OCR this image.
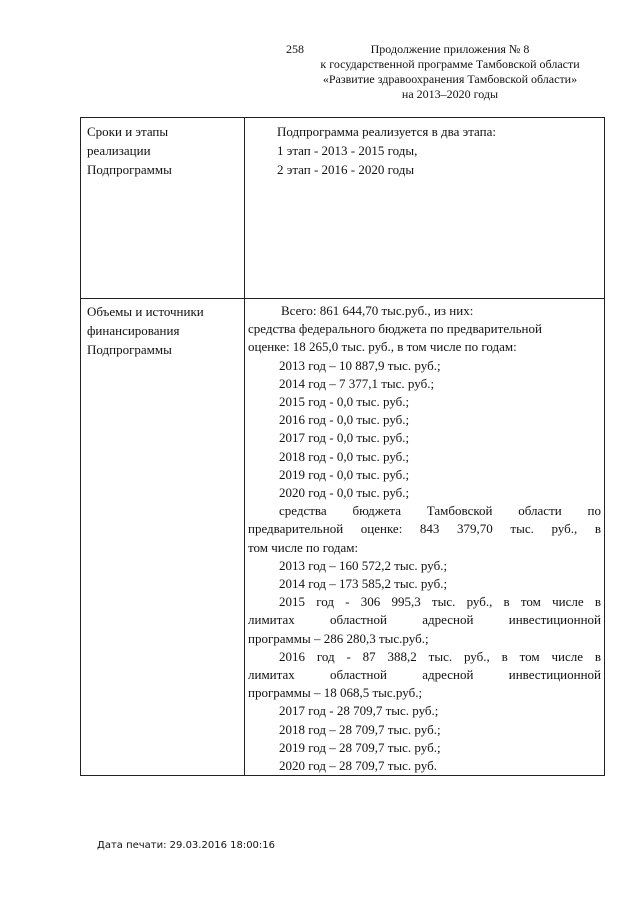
258	Продолжение приложения № 8
к государственной программе Тамбовской области
«Развитие здравоохранения Тамбовской области»
на 2013–2020 годы
Сроки и этапы
реализации
Подпрограммы
Подпрограмма реализуется в два этапа:
1 этап - 2013 - 2015 годы,
2 этап - 2016 - 2020 годы
Объемы и источники
финансирования
Подпрограммы
Всего: 861 644,70 тыс.руб., из них:
средства федерального бюджета по предварительной
оценке: 18 265,0 тыс. руб., в том числе по годам:
2013 год – 10 887,9 тыс. руб.;
2014 год – 7 377,1 тыс. руб.;
2015 год - 0,0 тыс. руб.;
2016 год - 0,0 тыс. руб.;
2017 год - 0,0 тыс. руб.;
2018 год - 0,0 тыс. руб.;
2019 год - 0,0 тыс. руб.;
2020 год - 0,0 тыс. руб.;
средства бюджета Тамбовской области по
предварительной оценке: 843 379,70 тыс. руб., в
том числе по годам:
2013 год – 160 572,2 тыс. руб.;
2014 год – 173 585,2 тыс. руб.;
2015 год - 306 995,3 тыс. руб., в том числе в
лимитах областной адресной инвестиционной
программы – 286 280,3 тыс.руб.;
2016 год - 87 388,2 тыс. руб., в том числе в
лимитах областной адресной инвестиционной
программы – 18 068,5 тыс.руб.;
2017 год - 28 709,7 тыс. руб.;
2018 год – 28 709,7 тыс. руб.;
2019 год – 28 709,7 тыс. руб.;
2020 год – 28 709,7 тыс. руб.
Дата печати: 29.03.2016 18:00:16
